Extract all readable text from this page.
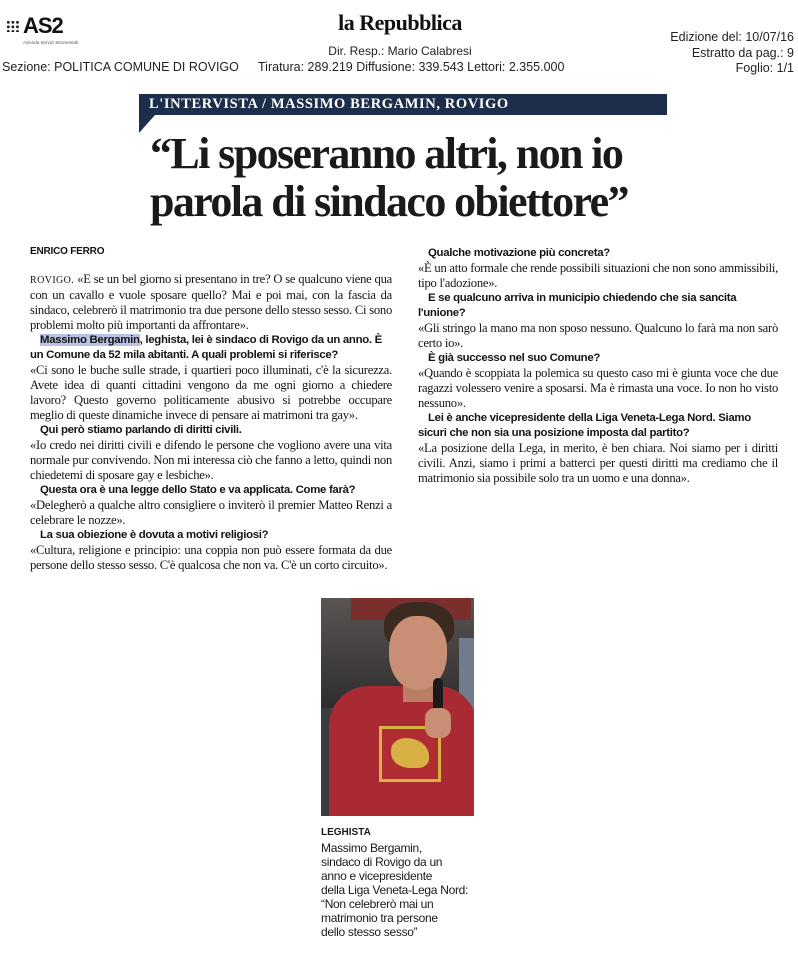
AS2
Azienda Servizi Strumentali
la Repubblica
Dir. Resp.: Mario Calabresi
Sezione: POLITICA COMUNE DI ROVIGO Tiratura: 289.219 Diffusione: 339.543 Lettori: 2.355.000
Edizione del: 10/07/16
Estratto da pag.: 9
Foglio: 1/1
L'INTERVISTA / MASSIMO BERGAMIN, ROVIGO
“Li sposeranno altri, non io
parola di sindaco obiettore”
ENRICO FERRO

ROVIGO. «E se un bel giorno si presentano in tre? O se qualcuno viene qua con un cavallo e vuole sposare quello? Mai e poi mai, con la fascia da sindaco, celebrerò il matrimonio tra due persone dello stesso sesso. Ci sono problemi molto più importanti da affrontare».

Massimo Bergamin, leghista, lei è sindaco di Rovigo da un anno. È un Comune da 52 mila abitanti. A quali problemi si riferisce?

«Ci sono le buche sulle strade, i quartieri poco illuminati, c'è la sicurezza. Avete idea di quanti cittadini vengono da me ogni giorno a chiedere lavoro? Questo governo politicamente abusivo si potrebbe occupare meglio di queste dinamiche invece di pensare ai matrimoni tra gay».

Qui però stiamo parlando di diritti civili.

«Io credo nei diritti civili e difendo le persone che vogliono avere una vita normale pur convivendo. Non mi interessa ciò che fanno a letto, quindi non chiedetemi di sposare gay e lesbiche».

Questa ora è una legge dello Stato e va applicata. Come farà?

«Delegherò a qualche altro consigliere o inviterò il premier Matteo Renzi a celebrare le nozze».

La sua obiezione è dovuta a motivi religiosi?

«Cultura, religione e principio: una coppia non può essere formata da due persone dello stesso sesso. C'è qualcosa che non va. C'è un corto circuito».

Qualche motivazione più concreta?

«È un atto formale che rende possibili situazioni che non sono ammissibili, tipo l'adozione».

E se qualcuno arriva in municipio chiedendo che sia sancita l'unione?

«Gli stringo la mano ma non sposo nessuno. Qualcuno lo farà ma non sarò certo io».

È già successo nel suo Comune?

«Quando è scoppiata la polemica su questo caso mi è giunta voce che due ragazzi volessero venire a sposarsi. Ma è rimasta una voce. Io non ho visto nessuno».

Lei è anche vicepresidente della Liga Veneta-Lega Nord. Siamo sicuri che non sia una posizione imposta dal partito?

«La posizione della Lega, in merito, è ben chiara. Noi siamo per i diritti civili. Anzi, siamo i primi a batterci per questi diritti ma crediamo che il matrimonio sia possibile solo tra un uomo e una donna».

LEGHISTA
Massimo Bergamin,
sindaco di Rovigo da un
anno e vicepresidente
della Liga Veneta-Lega Nord:
“Non celebrerò mai un
matrimonio tra persone
dello stesso sesso”
